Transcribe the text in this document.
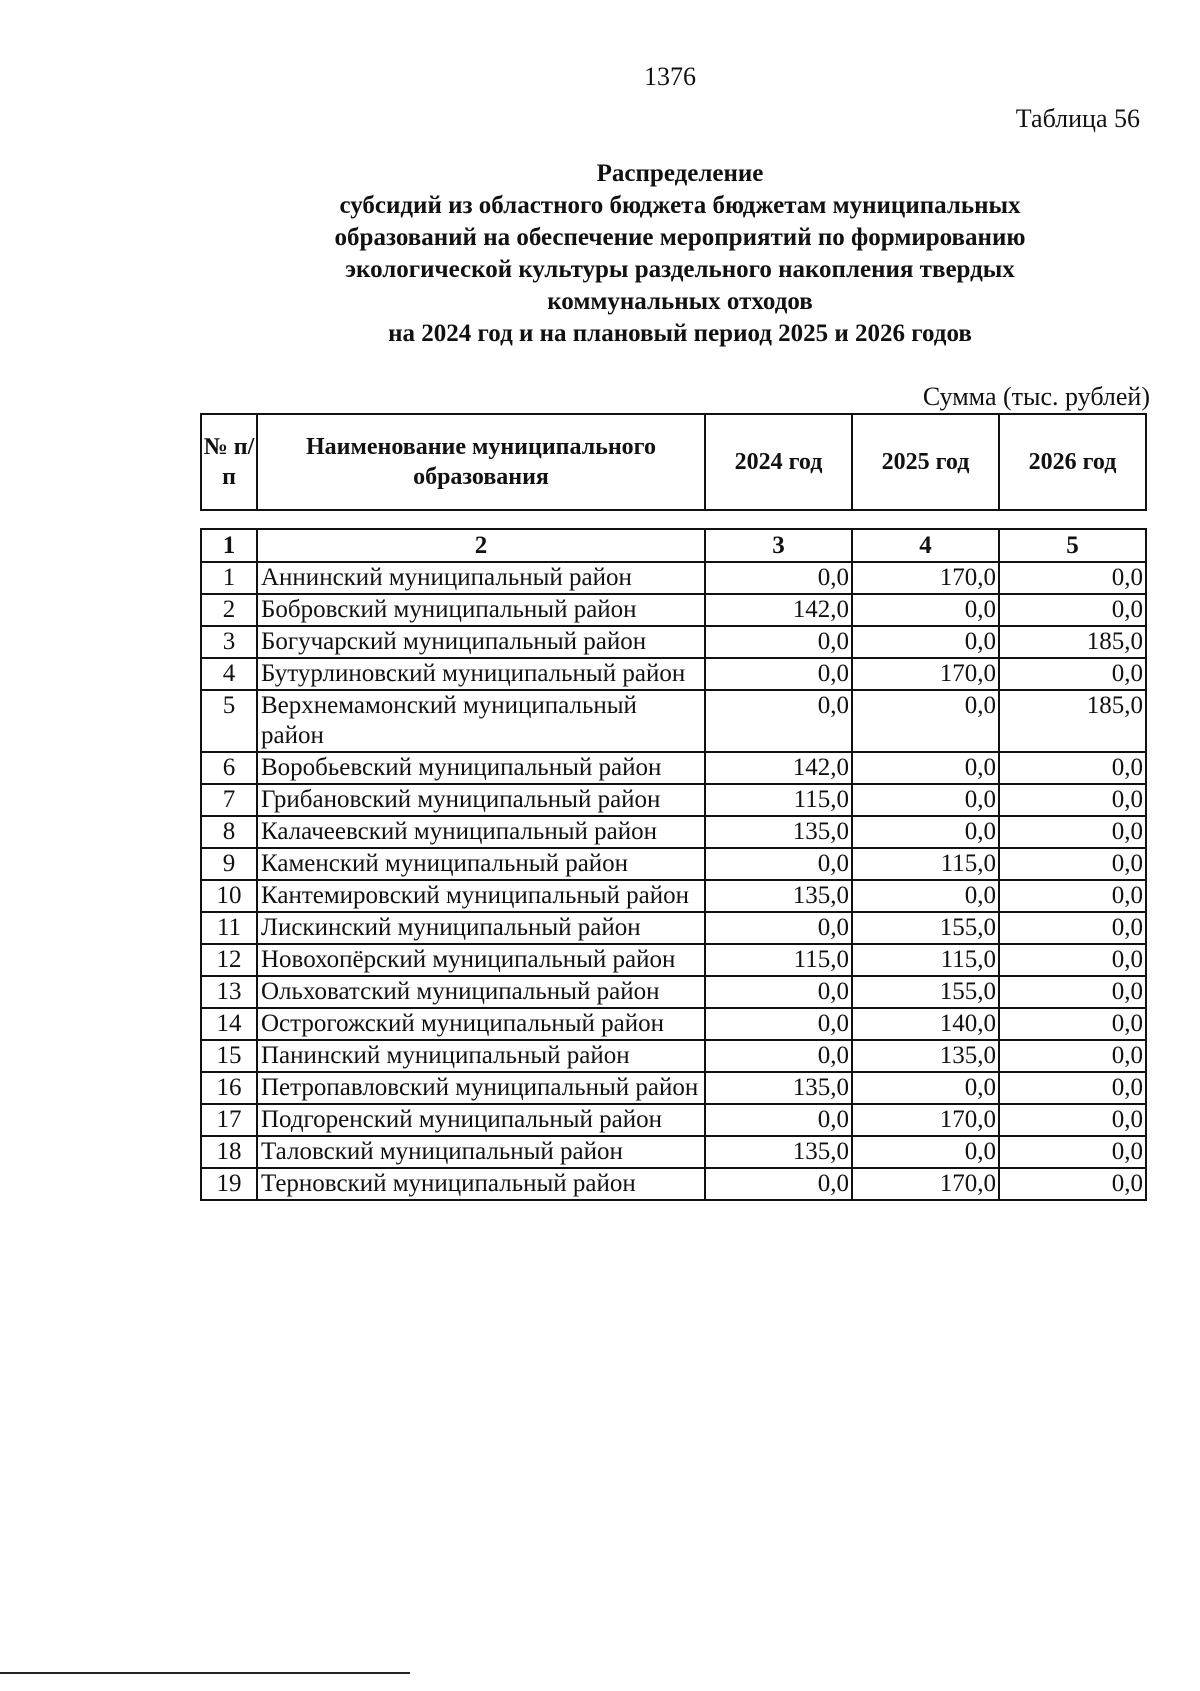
1376
Таблица 56
Распределение
субсидий из областного бюджета бюджетам муниципальных
образований на обеспечение мероприятий по формированию
экологической культуры раздельного накопления твердых
коммунальных отходов
на 2024 год и на плановый период 2025 и 2026 годов
Сумма (тыс. рублей)
№ п/п	Наименование муниципального образования	2024 год	2025 год	2026 год
1	2	3	4	5
1	Аннинский муниципальный район	0,0	170,0	0,0
2	Бобровский муниципальный район	142,0	0,0	0,0
3	Богучарский муниципальный район	0,0	0,0	185,0
4	Бутурлиновский муниципальный район	0,0	170,0	0,0
5	Верхнемамонский муниципальный район	0,0	0,0	185,0
6	Воробьевский муниципальный район	142,0	0,0	0,0
7	Грибановский муниципальный район	115,0	0,0	0,0
8	Калачеевский муниципальный район	135,0	0,0	0,0
9	Каменский муниципальный район	0,0	115,0	0,0
10	Кантемировский муниципальный район	135,0	0,0	0,0
11	Лискинский муниципальный район	0,0	155,0	0,0
12	Новохопёрский муниципальный район	115,0	115,0	0,0
13	Ольховатский муниципальный район	0,0	155,0	0,0
14	Острогожский муниципальный район	0,0	140,0	0,0
15	Панинский муниципальный район	0,0	135,0	0,0
16	Петропавловский муниципальный район	135,0	0,0	0,0
17	Подгоренский муниципальный район	0,0	170,0	0,0
18	Таловский муниципальный район	135,0	0,0	0,0
19	Терновский муниципальный район	0,0	170,0	0,0
